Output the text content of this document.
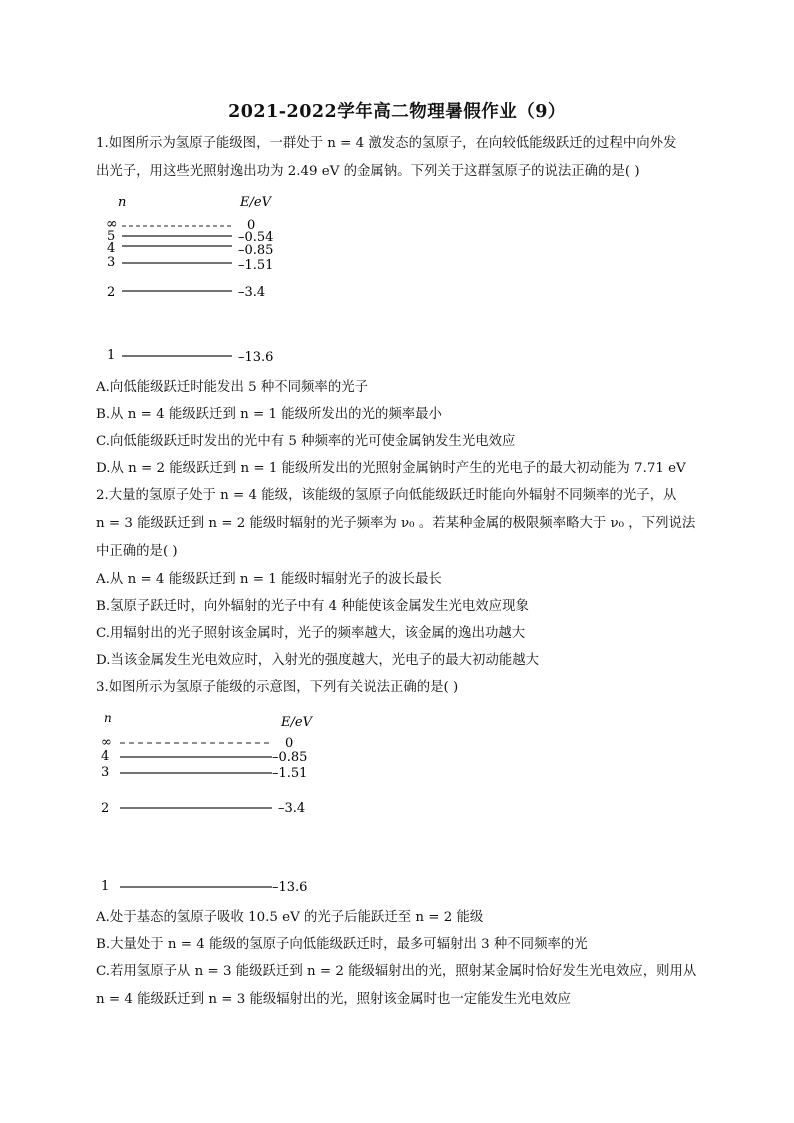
2021-2022学年高二物理暑假作业（9）
1.如图所示为氢原子能级图，一群处于 n = 4 激发态的氢原子，在向较低能级跃迁的过程中向外发
出光子，用这些光照射逸出功为 2.49 eV 的金属钠。下列关于这群氢原子的说法正确的是( )
n	E/eV
∞	0
5	–0.54
4	–0.85
3	–1.51
2	–3.4
1	–13.6
A.向低能级跃迁时能发出 5 种不同频率的光子
B.从 n = 4 能级跃迁到 n = 1 能级所发出的光的频率最小
C.向低能级跃迁时发出的光中有 5 种频率的光可使金属钠发生光电效应
D.从 n = 2 能级跃迁到 n = 1 能级所发出的光照射金属钠时产生的光电子的最大初动能为 7.71 eV
2.大量的氢原子处于 n = 4 能级，该能级的氢原子向低能级跃迁时能向外辐射不同频率的光子，从
n = 3 能级跃迁到 n = 2 能级时辐射的光子频率为 ν₀ 。若某种金属的极限频率略大于 ν₀ ，下列说法
中正确的是( )
A.从 n = 4 能级跃迁到 n = 1 能级时辐射光子的波长最长
B.氢原子跃迁时，向外辐射的光子中有 4 种能使该金属发生光电效应现象
C.用辐射出的光子照射该金属时，光子的频率越大，该金属的逸出功越大
D.当该金属发生光电效应时，入射光的强度越大，光电子的最大初动能越大
3.如图所示为氢原子能级的示意图，下列有关说法正确的是( )
n	E/eV
∞	0
4	–0.85
3	–1.51
2	–3.4
1	–13.6
A.处于基态的氢原子吸收 10.5 eV 的光子后能跃迁至 n = 2 能级
B.大量处于 n = 4 能级的氢原子向低能级跃迁时，最多可辐射出 3 种不同频率的光
C.若用氢原子从 n = 3 能级跃迁到 n = 2 能级辐射出的光，照射某金属时恰好发生光电效应，则用从
n = 4 能级跃迁到 n = 3 能级辐射出的光，照射该金属时也一定能发生光电效应
